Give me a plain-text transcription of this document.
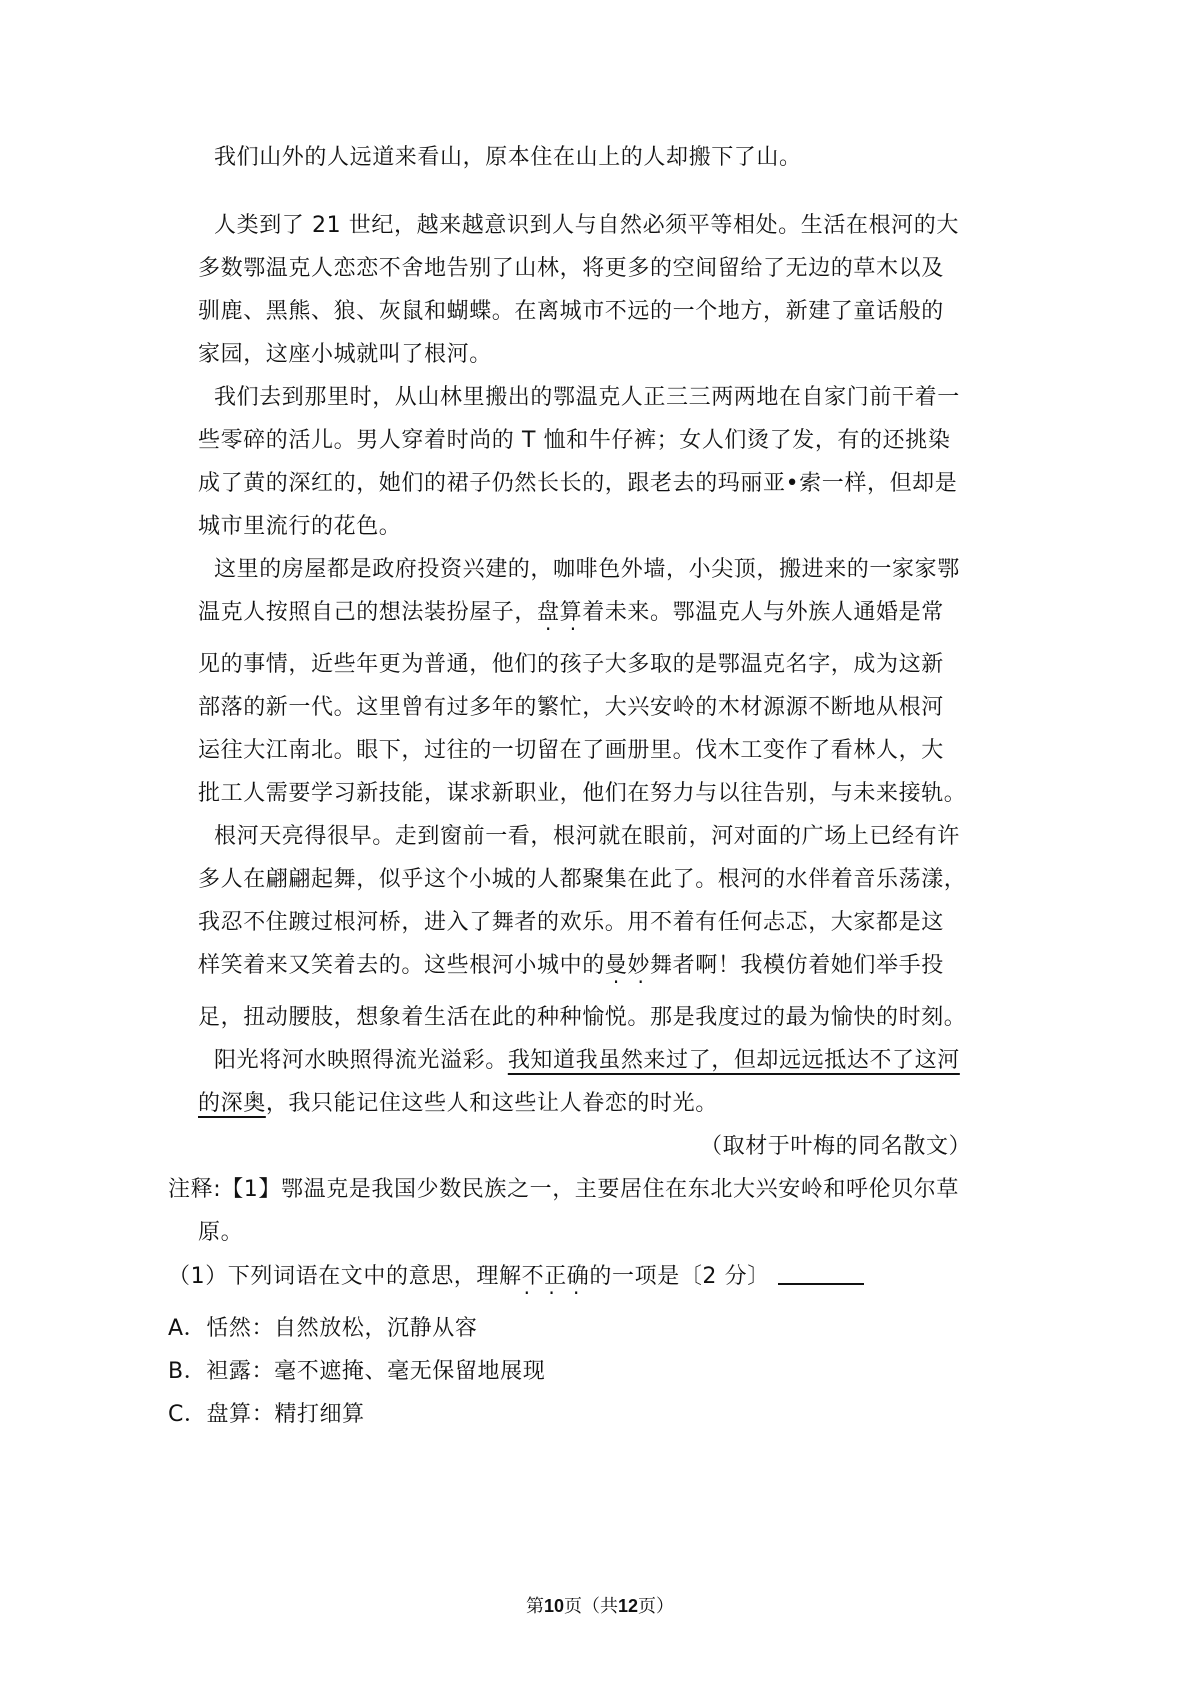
我们山外的人远道来看山，原本住在山上的人却搬下了山。
人类到了 21 世纪，越来越意识到人与自然必须平等相处。生活在根河的大
多数鄂温克人恋恋不舍地告别了山林，将更多的空间留给了无边的草木以及
驯鹿、黑熊、狼、灰鼠和蝴蝶。在离城市不远的一个地方，新建了童话般的
家园，这座小城就叫了根河。
我们去到那里时，从山林里搬出的鄂温克人正三三两两地在自家门前干着一
些零碎的活儿。男人穿着时尚的 T 恤和牛仔裤；女人们烫了发，有的还挑染
成了黄的深红的，她们的裙子仍然长长的，跟老去的玛丽亚•索一样，但却是
城市里流行的花色。
这里的房屋都是政府投资兴建的，咖啡色外墙，小尖顶，搬进来的一家家鄂
温克人按照自己的想法装扮屋子，盘算 · ·着未来。鄂温克人与外族人通婚是常
见的事情，近些年更为普通，他们的孩子大多取的是鄂温克名字，成为这新
部落的新一代。这里曾有过多年的繁忙，大兴安岭的木材源源不断地从根河
运往大江南北。眼下，过往的一切留在了画册里。伐木工变作了看林人，大
批工人需要学习新技能，谋求新职业，他们在努力与以往告别，与未来接轨。
根河天亮得很早。走到窗前一看，根河就在眼前，河对面的广场上已经有许
多人在翩翩起舞，似乎这个小城的人都聚集在此了。根河的水伴着音乐荡漾，
我忍不住踱过根河桥，进入了舞者的欢乐。用不着有任何忐忑，大家都是这
样笑着来又笑着去的。这些根河小城中的曼妙 · ·舞者啊！我模仿着她们举手投
足，扭动腰肢，想象着生活在此的种种愉悦。那是我度过的最为愉快的时刻。
阳光将河水映照得流光溢彩。我知道我虽然来过了，但却远远抵达不了这河
的深奥，我只能记住这些人和这些让人眷恋的时光。
（取材于叶梅的同名散文）
注释:【1】鄂温克是我国少数民族之一，主要居住在东北大兴安岭和呼伦贝尔草
原。
（1）下列词语在文中的意思，理解不正确 · · ·的一项是〔2 分〕
A．恬然：自然放松，沉静从容
B．袒露：毫不遮掩、毫无保留地展现
C．盘算：精打细算
第10页（共12页）
